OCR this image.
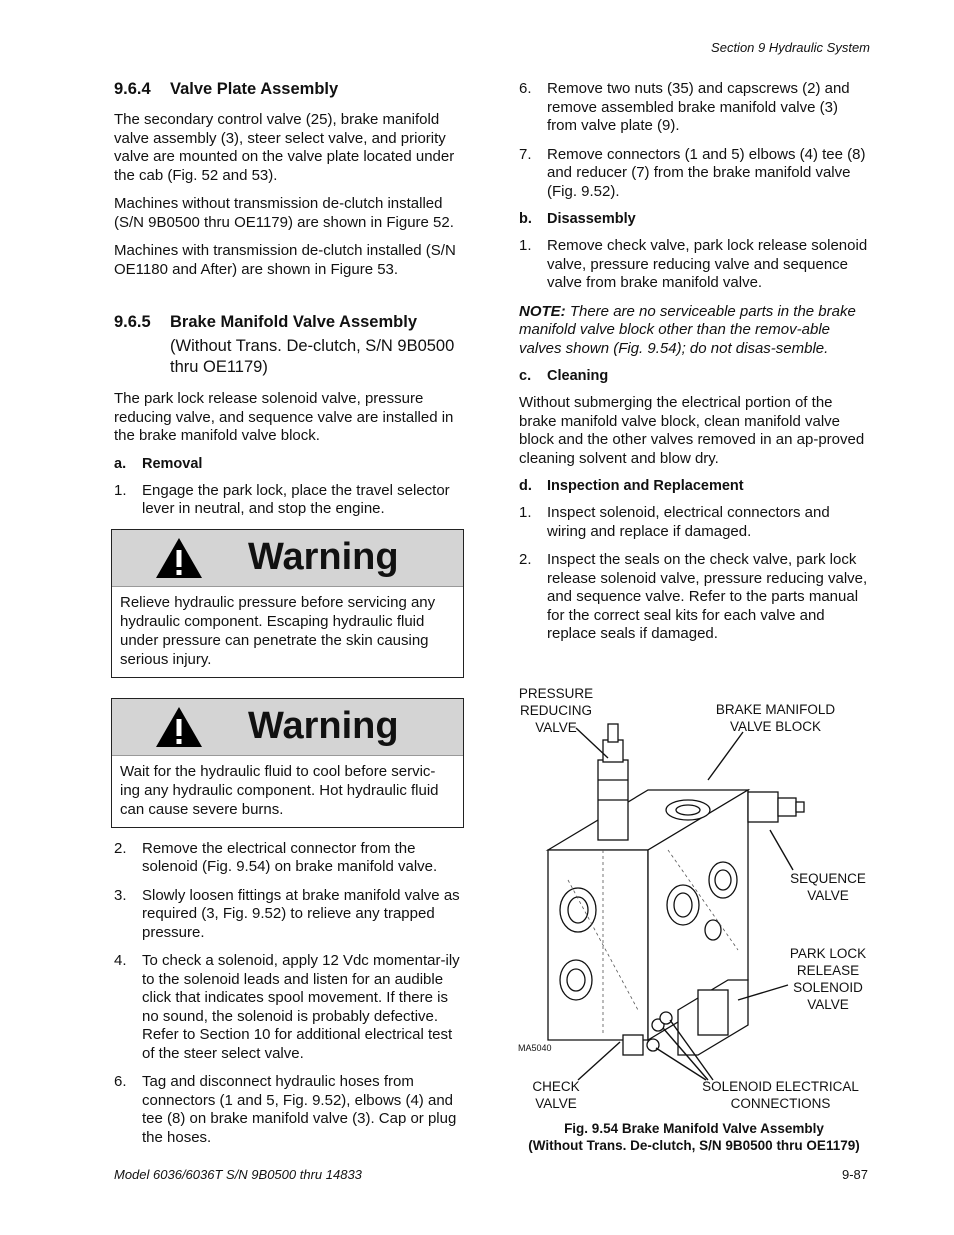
Section 9 Hydraulic System
9.6.4 Valve Plate Assembly

The secondary control valve (25), brake manifold valve assembly (3), steer select valve, and priority valve are mounted on the valve plate located under the cab (Fig. 52 and 53).

Machines without transmission de-clutch installed (S/N 9B0500 thru OE1179) are shown in Figure 52.

Machines with transmission de-clutch installed (S/N OE1180 and After) are shown in Figure 53.

9.6.5 Brake Manifold Valve Assembly
(Without Trans. De-clutch, S/N 9B0500 thru OE1179)

The park lock release solenoid valve, pressure reducing valve, and sequence valve are installed in the brake manifold valve block.

a. Removal
1.	Engage the park lock, place the travel selector lever in neutral, and stop the engine.
Warning
Relieve hydraulic pressure before servicing any hydraulic component. Escaping hydraulic fluid under pressure can penetrate the skin causing serious injury.
Warning
Wait for the hydraulic fluid to cool before servic-ing any hydraulic component. Hot hydraulic fluid can cause severe burns.
2.	Remove the electrical connector from the solenoid (Fig. 9.54) on brake manifold valve.
3.	Slowly loosen fittings at brake manifold valve as required (3, Fig. 9.52) to relieve any trapped pressure.
4.	To check a solenoid, apply 12 Vdc momentar-ily to the solenoid leads and listen for an audible click that indicates spool movement. If there is no sound, the solenoid is probably defective. Refer to Section 10 for additional electrical test of the steer select valve.
6.	Tag and disconnect hydraulic hoses from connectors (1 and 5, Fig. 9.52), elbows (4) and tee (8) on brake manifold valve (3). Cap or plug the hoses.
6.	Remove two nuts (35) and capscrews (2) and remove assembled brake manifold valve (3) from valve plate (9).
7.	Remove connectors (1 and 5) elbows (4) tee (8) and reducer (7) from the brake manifold valve (Fig. 9.52).
b. Disassembly
1.	Remove check valve, park lock release solenoid valve, pressure reducing valve and sequence valve from brake manifold valve.
NOTE: There are no serviceable parts in the brake manifold valve block other than the remov-able valves shown (Fig. 9.54); do not disas-semble.
c. Cleaning

Without submerging the electrical portion of the brake manifold valve block, clean manifold valve block and the other valves removed in an ap-proved cleaning solvent and blow dry.

d. Inspection and Replacement
1.	Inspect solenoid, electrical connectors and wiring and replace if damaged.
2.	Inspect the seals on the check valve, park lock release solenoid valve, pressure reducing valve, and sequence valve. Refer to the parts manual for the correct seal kits for each valve and replace seals if damaged.
PRESSURE
REDUCING
VALVE
BRAKE MANIFOLD
VALVE BLOCK
SEQUENCE
VALVE
PARK LOCK
RELEASE
SOLENOID
VALVE
MA5040
CHECK
VALVE
SOLENOID ELECTRICAL
CONNECTIONS
Fig. 9.54 Brake Manifold Valve Assembly
(Without Trans. De-clutch, S/N 9B0500 thru OE1179)
Model 6036/6036T S/N 9B0500 thru 14833	9-87
